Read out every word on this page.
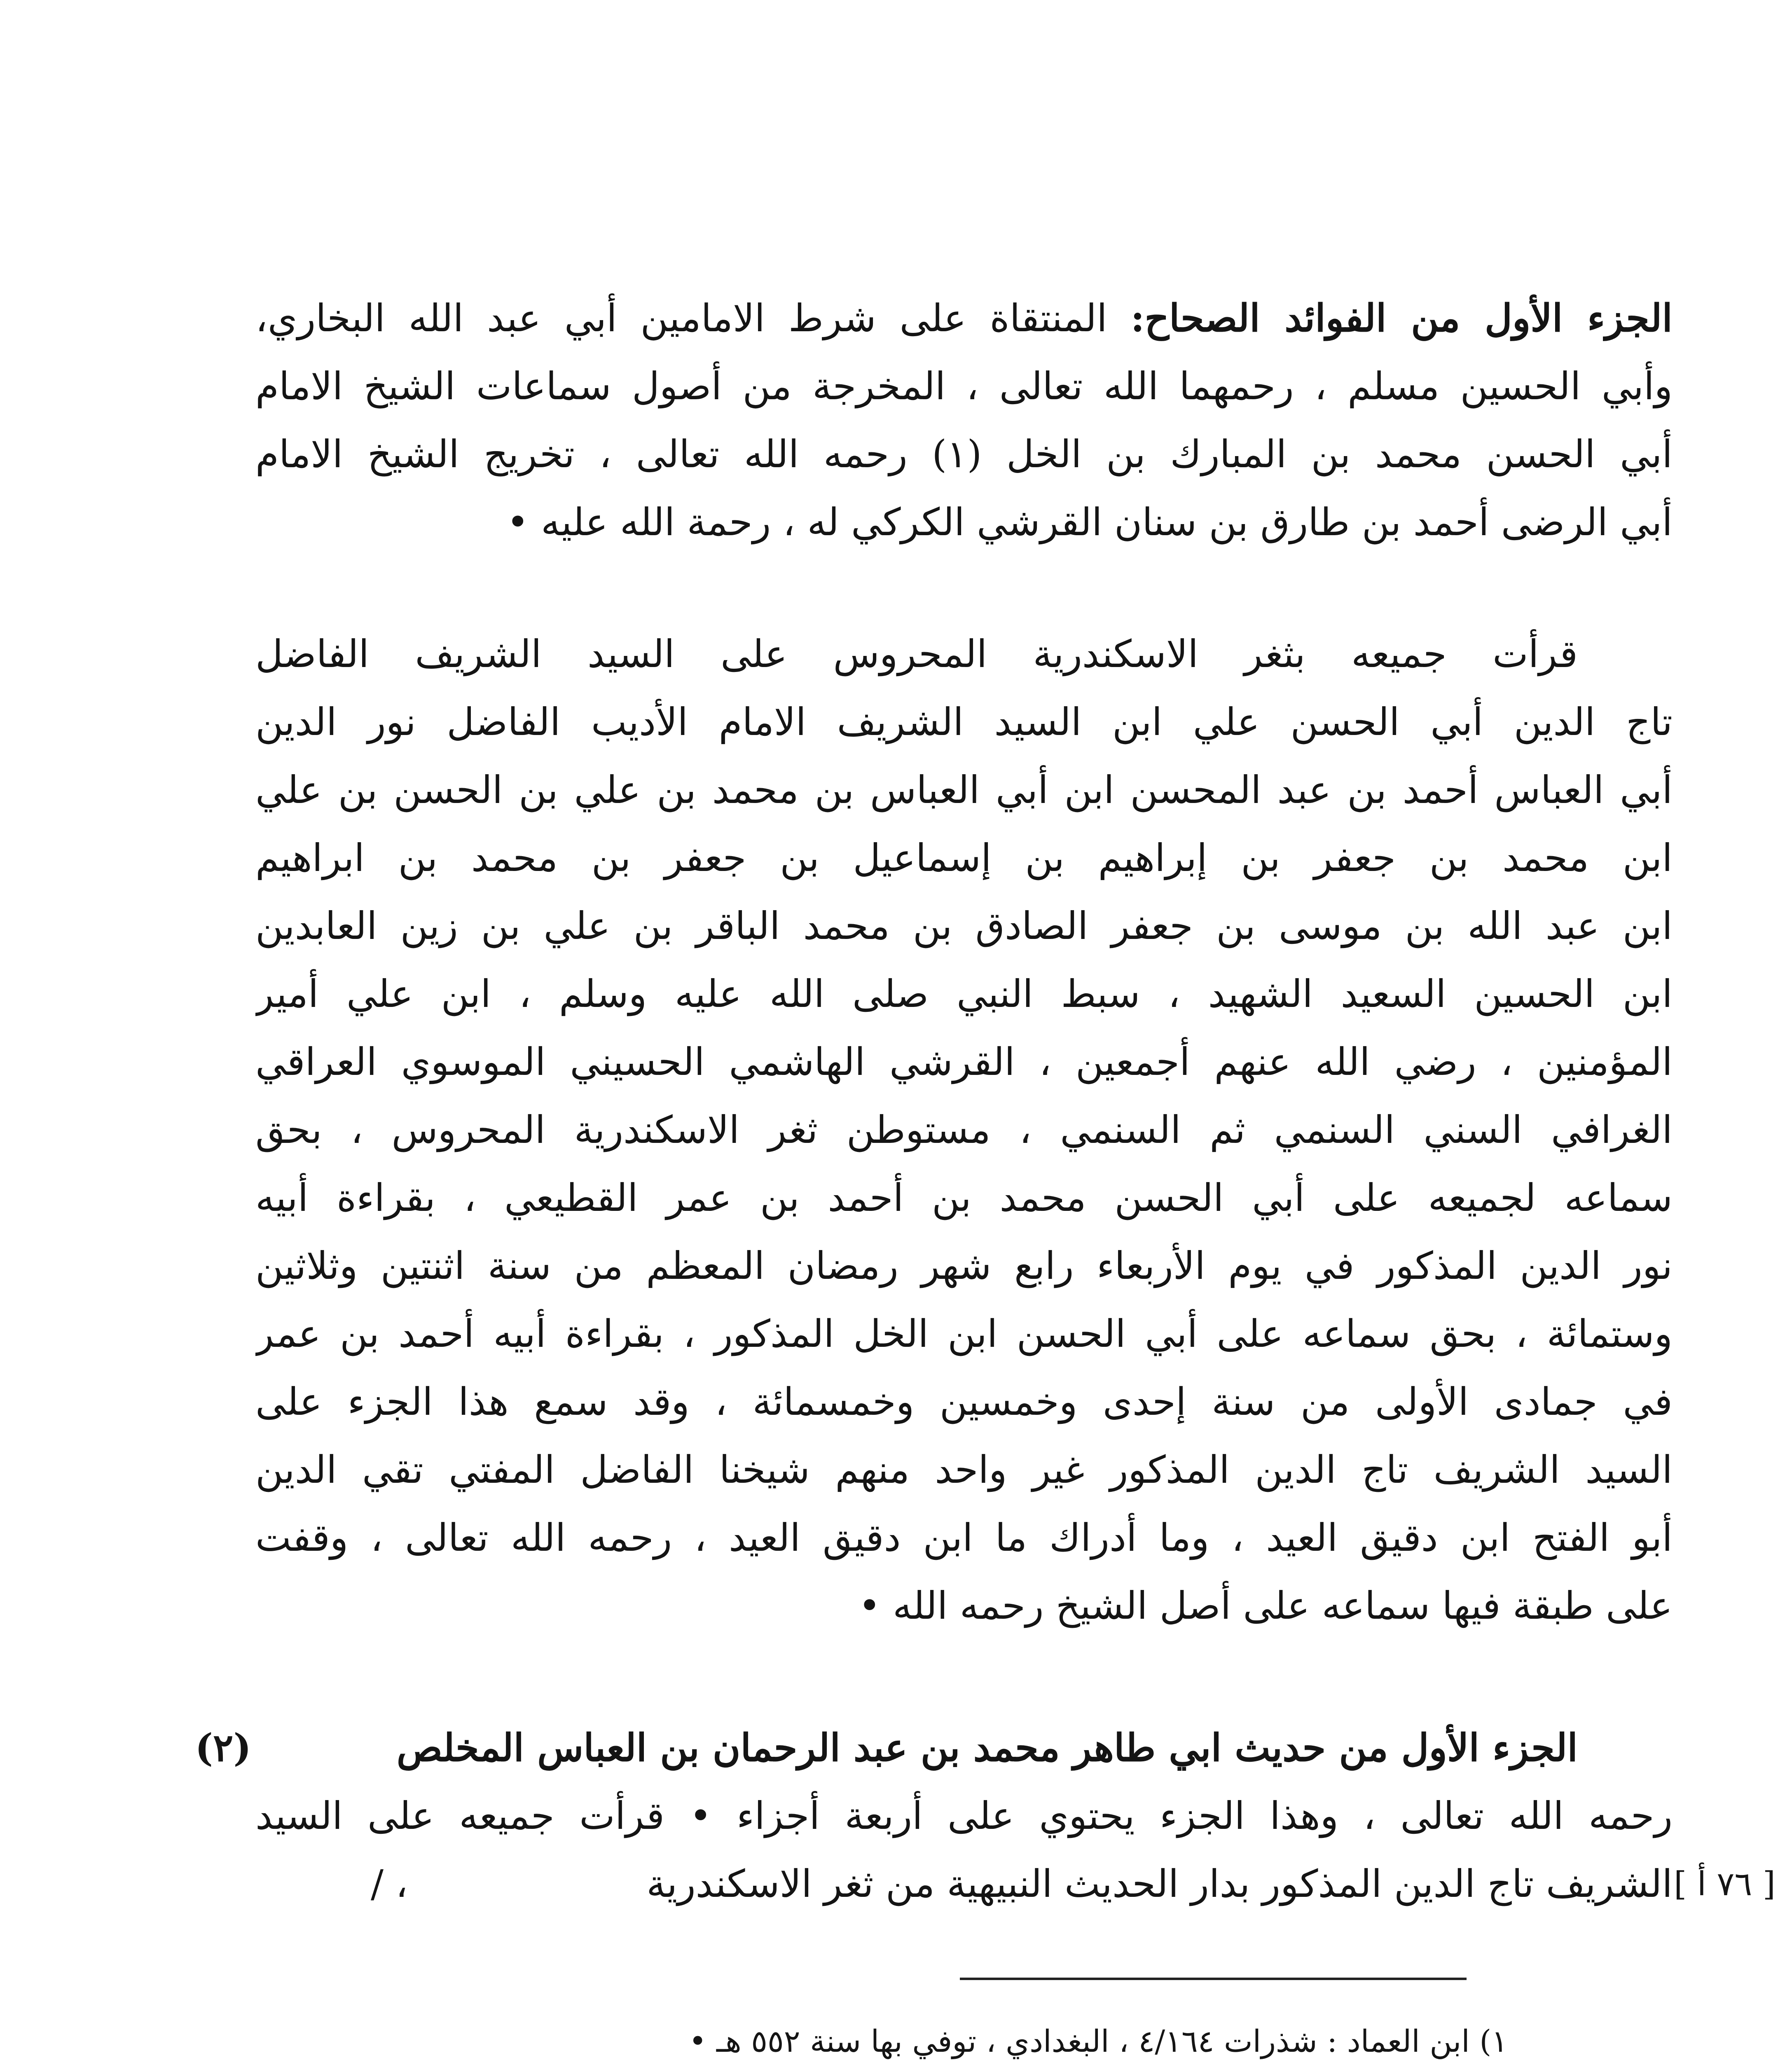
الجزء الأول من الفوائد الصحاح: المنتقاة على شرط الامامين أبي عبد الله البخاري،
وأبي الحسين مسلم ، رحمهما الله تعالى ، المخرجة من أصول سماعات الشيخ الامام
أبي الحسن محمد بن المبارك بن الخل (١) رحمه الله تعالى ، تخريج الشيخ الامام
أبي الرضى أحمد بن طارق بن سنان القرشي الكركي له ، رحمة الله عليه •
قرأت جميعه بثغر الاسكندرية المحروس على السيد الشريف الفاضل
تاج الدين أبي الحسن علي ابن السيد الشريف الامام الأديب الفاضل نور الدين
أبي العباس أحمد بن عبد المحسن ابن أبي العباس بن محمد بن علي بن الحسن بن علي
ابن محمد بن جعفر بن إبراهيم بن إسماعيل بن جعفر بن محمد بن ابراهيم
ابن عبد الله بن موسى بن جعفر الصادق بن محمد الباقر بن علي بن زين العابدين
ابن الحسين السعيد الشهيد ، سبط النبي صلى الله عليه وسلم ، ابن علي أمير
المؤمنين ، رضي الله عنهم أجمعين ، القرشي الهاشمي الحسيني الموسوي العراقي
الغرافي السني السنمي ثم السنمي ، مستوطن ثغر الاسكندرية المحروس ، بحق
سماعه لجميعه على أبي الحسن محمد بن أحمد بن عمر القطيعي ، بقراءة أبيه
نور الدين المذكور في يوم الأربعاء رابع شهر رمضان المعظم من سنة اثنتين وثلاثين
وستمائة ، بحق سماعه على أبي الحسن ابن الخل المذكور ، بقراءة أبيه أحمد بن عمر
في جمادى الأولى من سنة إحدى وخمسين وخمسمائة ، وقد سمع هذا الجزء على
السيد الشريف تاج الدين المذكور غير واحد منهم شيخنا الفاضل المفتي تقي الدين
أبو الفتح ابن دقيق العيد ، وما أدراك ما ابن دقيق العيد ، رحمه الله تعالى ، وقفت
على طبقة فيها سماعه على أصل الشيخ رحمه الله •
الجزء الأول من حديث ابي طاهر محمد بن عبد الرحمان بن العباس المخلص
رحمه الله تعالى ، وهذا الجزء يحتوي على أربعة أجزاء • قرأت جميعه على السيد
الشريف تاج الدين المذكور بدار الحديث النبيهية من ثغر الاسكندرية
(٢)
/ ،	[ ٧٦ أ ]
١) ابن العماد : شذرات ٤/١٦٤ ، البغدادي ، توفي بها سنة ٥٥٢ هـ •
